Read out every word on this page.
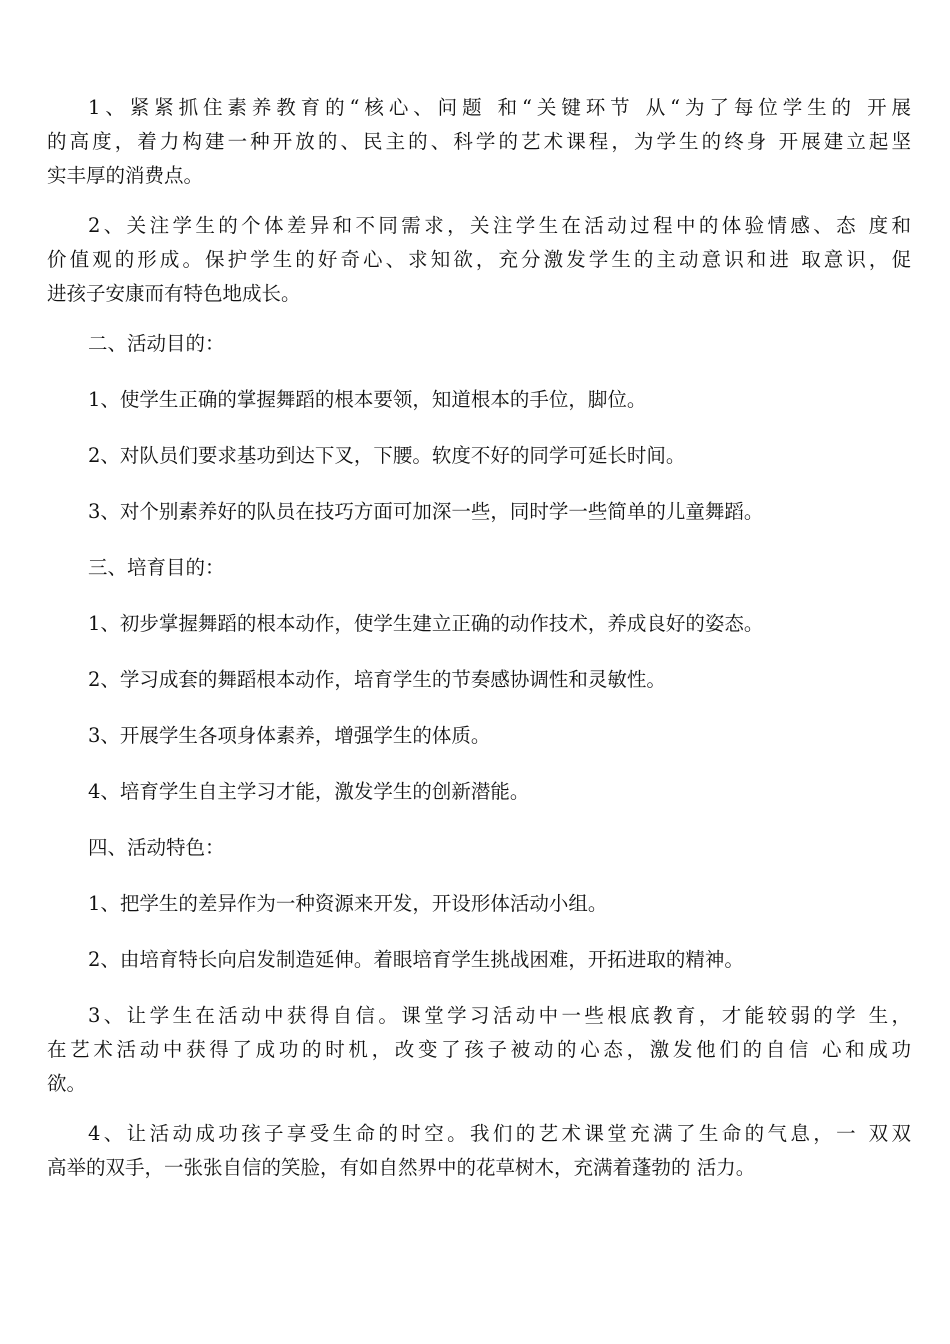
1、紧紧抓住素养教育的“核心、问题 和“关键环节 从“为了每位学生的 开展
的高度，着力构建一种开放的、民主的、科学的艺术课程，为学生的终身 开展建立起坚
实丰厚的消费点。

2、关注学生的个体差异和不同需求，关注学生在活动过程中的体验情感、态 度和
价值观的形成。保护学生的好奇心、求知欲，充分激发学生的主动意识和进 取意识，促
进孩子安康而有特色地成长。

二、活动目的：

1、使学生正确的掌握舞蹈的根本要领，知道根本的手位，脚位。

2、对队员们要求基功到达下叉，下腰。软度不好的同学可延长时间。

3、对个别素养好的队员在技巧方面可加深一些，同时学一些简单的儿童舞蹈。

三、培育目的：

1、初步掌握舞蹈的根本动作，使学生建立正确的动作技术，养成良好的姿态。

2、学习成套的舞蹈根本动作，培育学生的节奏感协调性和灵敏性。

3、开展学生各项身体素养，增强学生的体质。

4、培育学生自主学习才能，激发学生的创新潜能。

四、活动特色：

1、把学生的差异作为一种资源来开发，开设形体活动小组。

2、由培育特长向启发制造延伸。着眼培育学生挑战困难，开拓进取的精神。

3、让学生在活动中获得自信。课堂学习活动中一些根底教育，才能较弱的学 生，
在艺术活动中获得了成功的时机，改变了孩子被动的心态，激发他们的自信 心和成功
欲。

4、让活动成功孩子享受生命的时空。我们的艺术课堂充满了生命的气息，一 双双
高举的双手，一张张自信的笑脸，有如自然界中的花草树木，充满着蓬勃的 活力。
